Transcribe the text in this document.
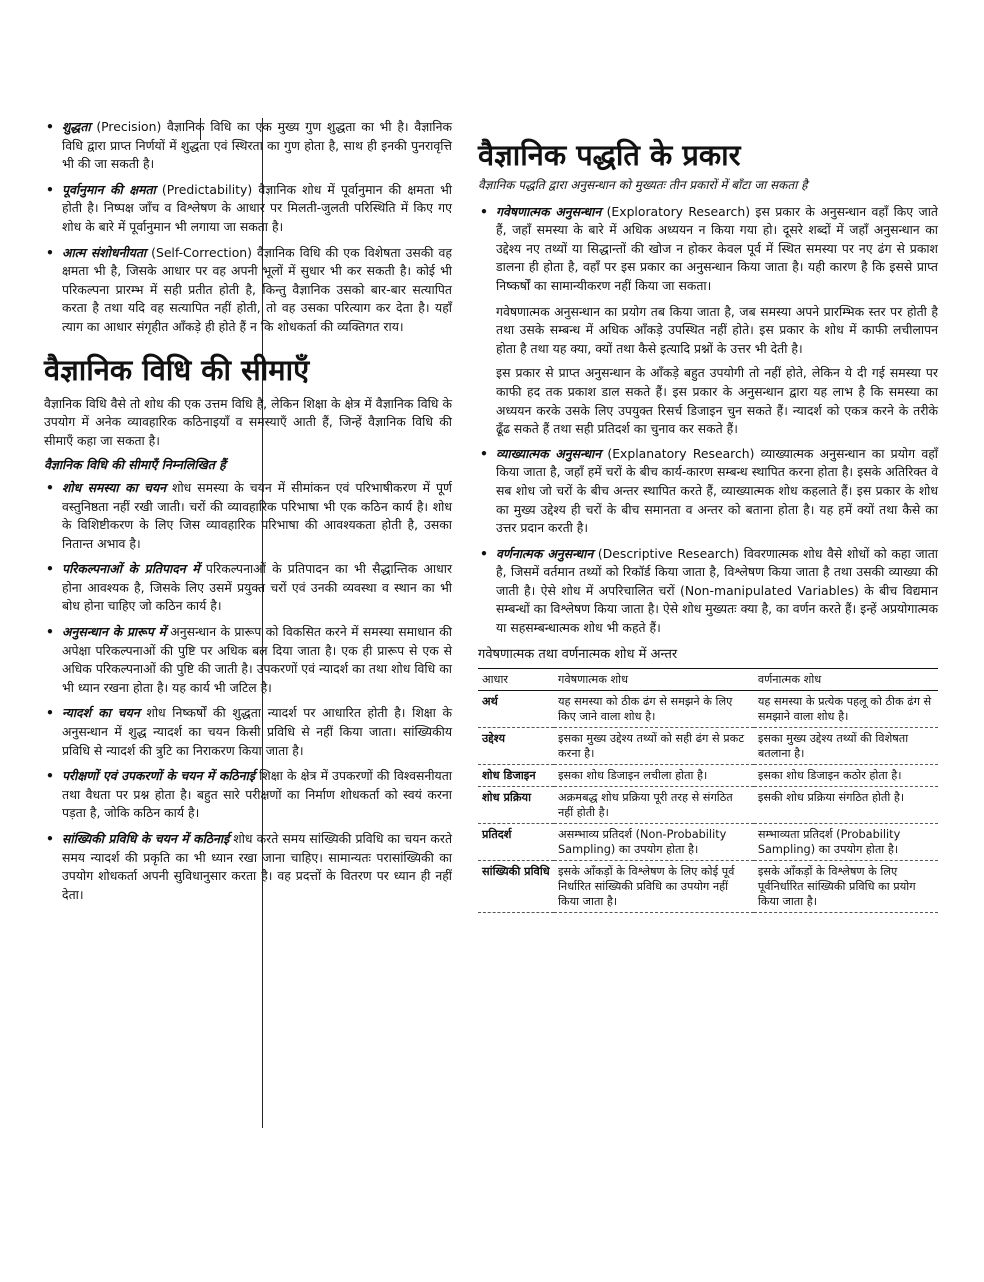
• शुद्धता (Precision) वैज्ञानिक विधि का एक मुख्य गुण शुद्धता का भी है। वैज्ञानिक विधि द्वारा प्राप्त निर्णयों में शुद्धता एवं स्थिरता का गुण होता है, साथ ही इनकी पुनरावृत्ति भी की जा सकती है।
• पूर्वानुमान की क्षमता (Predictability) वैज्ञानिक शोध में पूर्वानुमान की क्षमता भी होती है। निष्पक्ष जाँच व विश्लेषण के आधार पर मिलती-जुलती परिस्थिति में किए गए शोध के बारे में पूर्वानुमान भी लगाया जा सकता है।
• आत्म संशोधनीयता (Self-Correction) वैज्ञानिक विधि की एक विशेषता उसकी वह क्षमता भी है, जिसके आधार पर वह अपनी भूलों में सुधार भी कर सकती है। कोई भी परिकल्पना प्रारम्भ में सही प्रतीत होती है, किन्तु वैज्ञानिक उसको बार-बार सत्यापित करता है तथा यदि वह सत्यापित नहीं होती, तो वह उसका परित्याग कर देता है। यहाँ त्याग का आधार संगृहीत आँकड़े ही होते हैं न कि शोधकर्ता की व्यक्तिगत राय।
वैज्ञानिक विधि की सीमाएँ
वैज्ञानिक विधि वैसे तो शोध की एक उत्तम विधि है, लेकिन शिक्षा के क्षेत्र में वैज्ञानिक विधि के उपयोग में अनेक व्यावहारिक कठिनाइयाँ व समस्याएँ आती हैं, जिन्हें वैज्ञानिक विधि की सीमाएँ कहा जा सकता है।
वैज्ञानिक विधि की सीमाएँ निम्नलिखित हैं
• शोध समस्या का चयन शोध समस्या के चयन में सीमांकन एवं परिभाषीकरण में पूर्ण वस्तुनिष्ठता नहीं रखी जाती। चरों की व्यावहारिक परिभाषा भी एक कठिन कार्य है। शोध के विशिष्टीकरण के लिए जिस व्यावहारिक परिभाषा की आवश्यकता होती है, उसका नितान्त अभाव है।
• परिकल्पनाओं के प्रतिपादन में परिकल्पनाओं के प्रतिपादन का भी सैद्धान्तिक आधार होना आवश्यक है, जिसके लिए उसमें प्रयुक्त चरों एवं उनकी व्यवस्था व स्थान का भी बोध होना चाहिए जो कठिन कार्य है।
• अनुसन्धान के प्रारूप में अनुसन्धान के प्रारूप को विकसित करने में समस्या समाधान की अपेक्षा परिकल्पनाओं की पुष्टि पर अधिक बल दिया जाता है। एक ही प्रारूप से एक से अधिक परिकल्पनाओं की पुष्टि की जाती है। उपकरणों एवं न्यादर्श का तथा शोध विधि का भी ध्यान रखना होता है। यह कार्य भी जटिल है।
• न्यादर्श का चयन शोध निष्कर्षों की शुद्धता न्यादर्श पर आधारित होती है। शिक्षा के अनुसन्धान में शुद्ध न्यादर्श का चयन किसी प्रविधि से नहीं किया जाता। सांख्यिकीय प्रविधि से न्यादर्श की त्रुटि का निराकरण किया जाता है।
• परीक्षणों एवं उपकरणों के चयन में कठिनाई शिक्षा के क्षेत्र में उपकरणों की विश्वसनीयता तथा वैधता पर प्रश्न होता है। बहुत सारे परीक्षणों का निर्माण शोधकर्ता को स्वयं करना पड़ता है, जोकि कठिन कार्य है।
• सांख्यिकी प्रविधि के चयन में कठिनाई शोध करते समय सांख्यिकी प्रविधि का चयन करते समय न्यादर्श की प्रकृति का भी ध्यान रखा जाना चाहिए। सामान्यतः परासांख्यिकी का उपयोग शोधकर्ता अपनी सुविधानुसार करता है। वह प्रदत्तों के वितरण पर ध्यान ही नहीं देता।
वैज्ञानिक पद्धति के प्रकार
वैज्ञानिक पद्धति द्वारा अनुसन्धान को मुख्यतः तीन प्रकारों में बाँटा जा सकता है
• गवेषणात्मक अनुसन्धान (Exploratory Research) इस प्रकार के अनुसन्धान वहाँ किए जाते हैं, जहाँ समस्या के बारे में अधिक अध्ययन न किया गया हो। दूसरे शब्दों में जहाँ अनुसन्धान का उद्देश्य नए तथ्यों या सिद्धान्तों की खोज न होकर केवल पूर्व में स्थित समस्या पर नए ढंग से प्रकाश डालना ही होता है, वहाँ पर इस प्रकार का अनुसन्धान किया जाता है। यही कारण है कि इससे प्राप्त निष्कर्षों का सामान्यीकरण नहीं किया जा सकता।
गवेषणात्मक अनुसन्धान का प्रयोग तब किया जाता है, जब समस्या अपने प्रारम्भिक स्तर पर होती है तथा उसके सम्बन्ध में अधिक आँकड़े उपस्थित नहीं होते। इस प्रकार के शोध में काफी लचीलापन होता है तथा यह क्या, क्यों तथा कैसे इत्यादि प्रश्नों के उत्तर भी देती है।
इस प्रकार से प्राप्त अनुसन्धान के आँकड़े बहुत उपयोगी तो नहीं होते, लेकिन ये दी गई समस्या पर काफी हद तक प्रकाश डाल सकते हैं। इस प्रकार के अनुसन्धान द्वारा यह लाभ है कि समस्या का अध्ययन करके उसके लिए उपयुक्त रिसर्च डिजाइन चुन सकते हैं। न्यादर्श को एकत्र करने के तरीके ढूँढ सकते हैं तथा सही प्रतिदर्श का चुनाव कर सकते हैं।
• व्याख्यात्मक अनुसन्धान (Explanatory Research) व्याख्यात्मक अनुसन्धान का प्रयोग वहाँ किया जाता है, जहाँ हमें चरों के बीच कार्य-कारण सम्बन्ध स्थापित करना होता है। इसके अतिरिक्त वे सब शोध जो चरों के बीच अन्तर स्थापित करते हैं, व्याख्यात्मक शोध कहलाते हैं। इस प्रकार के शोध का मुख्य उद्देश्य ही चरों के बीच समानता व अन्तर को बताना होता है। यह हमें क्यों तथा कैसे का उत्तर प्रदान करती है।
• वर्णनात्मक अनुसन्धान (Descriptive Research) विवरणात्मक शोध वैसे शोधों को कहा जाता है, जिसमें वर्तमान तथ्यों को रिकॉर्ड किया जाता है, विश्लेषण किया जाता है तथा उसकी व्याख्या की जाती है। ऐसे शोध में अपरिचालित चरों (Non-manipulated Variables) के बीच विद्यमान सम्बन्धों का विश्लेषण किया जाता है। ऐसे शोध मुख्यतः क्या है, का वर्णन करते हैं। इन्हें अप्रयोगात्मक या सहसम्बन्धात्मक शोध भी कहते हैं।
गवेषणात्मक तथा वर्णनात्मक शोध में अन्तर
आधार	गवेषणात्मक शोध	वर्णनात्मक शोध
अर्थ	यह समस्या को ठीक ढंग से समझने के लिए किए जाने वाला शोध है।	यह समस्या के प्रत्येक पहलू को ठीक ढंग से समझाने वाला शोध है।
उद्देश्य	इसका मुख्य उद्देश्य तथ्यों को सही ढंग से प्रकट करना है।	इसका मुख्य उद्देश्य तथ्यों की विशेषता बतलाना है।
शोध डिजाइन	इसका शोध डिजाइन लचीला होता है।	इसका शोध डिजाइन कठोर होता है।
शोध प्रक्रिया	अक्रमबद्ध शोध प्रक्रिया पूरी तरह से संगठित नहीं होती है।	इसकी शोध प्रक्रिया संगठित होती है।
प्रतिदर्श	असम्भाव्य प्रतिदर्श (Non-Probability Sampling) का उपयोग होता है।	सम्भाव्यता प्रतिदर्श (Probability Sampling) का उपयोग होता है।
सांख्यिकी प्रविधि	इसके आँकड़ों के विश्लेषण के लिए कोई पूर्व निर्धारित सांख्यिकी प्रविधि का उपयोग नहीं किया जाता है।	इसके आँकड़ों के विश्लेषण के लिए पूर्वनिर्धारित सांख्यिकी प्रविधि का प्रयोग किया जाता है।
